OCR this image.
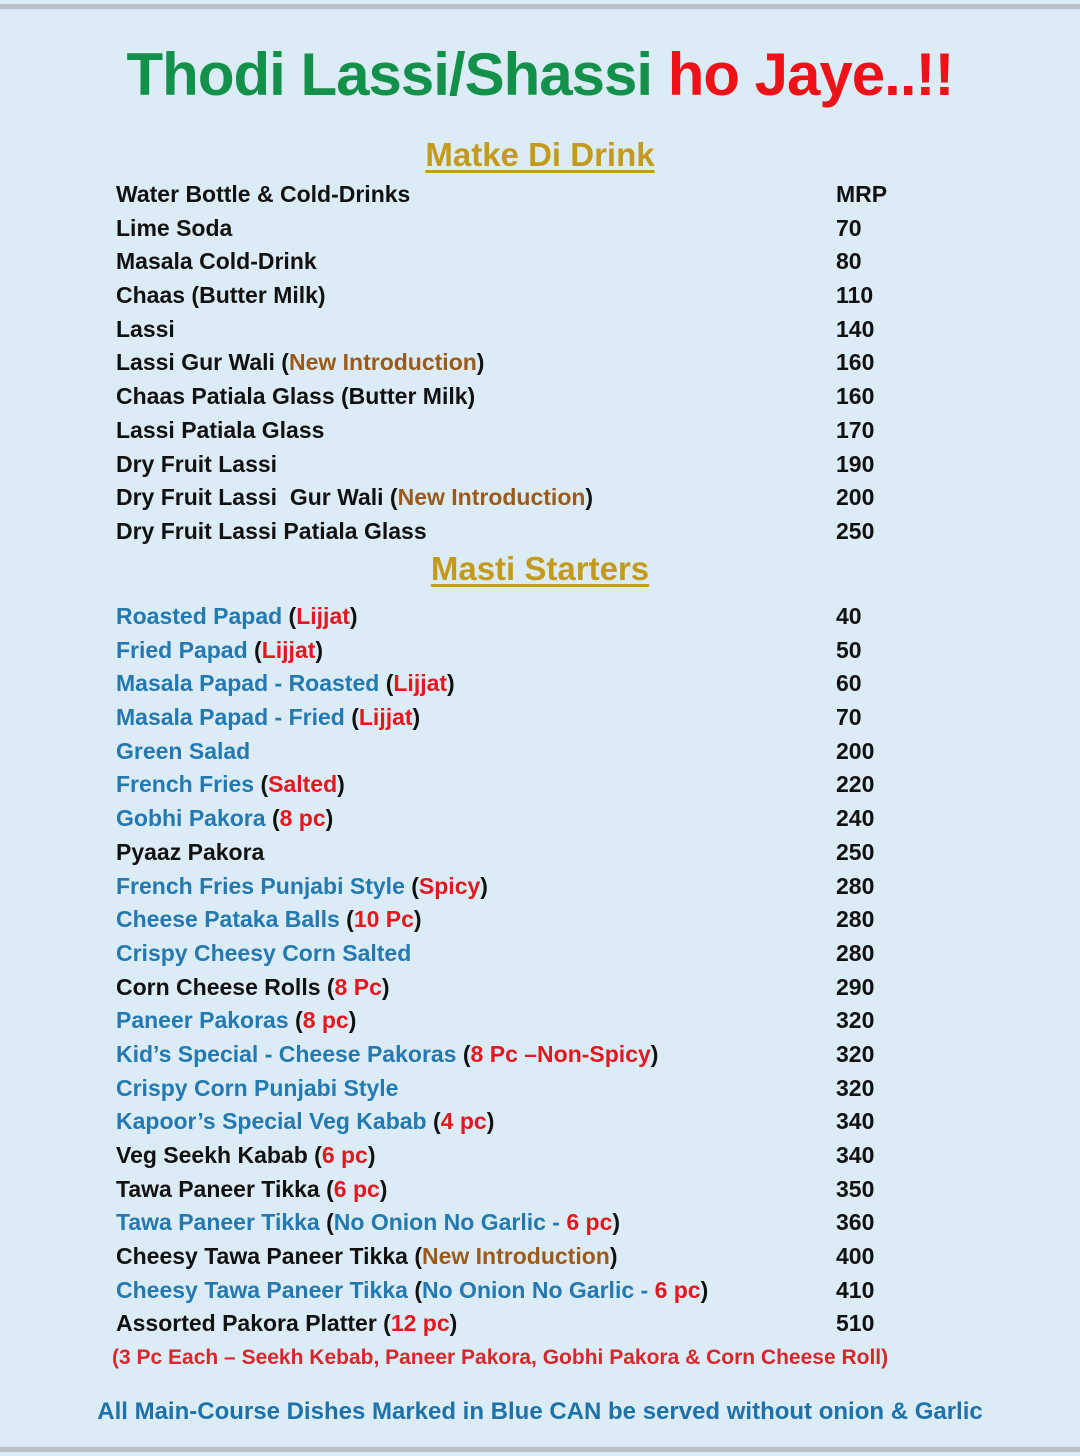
Thodi Lassi/Shassi ho Jaye..!!
Matke Di Drink
Water Bottle & Cold-Drinks	MRP
Lime Soda	70
Masala Cold-Drink	80
Chaas (Butter Milk)	110
Lassi	140
Lassi Gur Wali (New Introduction)	160
Chaas Patiala Glass (Butter Milk)	160
Lassi Patiala Glass	170
Dry Fruit Lassi	190
Dry Fruit Lassi  Gur Wali (New Introduction)	200
Dry Fruit Lassi Patiala Glass	250
Masti Starters
Roasted Papad (Lijjat)	40
Fried Papad (Lijjat)	50
Masala Papad - Roasted (Lijjat)	60
Masala Papad - Fried (Lijjat)	70
Green Salad	200
French Fries (Salted)	220
Gobhi Pakora (8 pc)	240
Pyaaz Pakora	250
French Fries Punjabi Style (Spicy)	280
Cheese Pataka Balls (10 Pc)	280
Crispy Cheesy Corn Salted	280
Corn Cheese Rolls (8 Pc)	290
Paneer Pakoras (8 pc)	320
Kid’s Special - Cheese Pakoras (8 Pc –Non-Spicy)	320
Crispy Corn Punjabi Style	320
Kapoor’s Special Veg Kabab (4 pc)	340
Veg Seekh Kabab (6 pc)	340
Tawa Paneer Tikka (6 pc)	350
Tawa Paneer Tikka (No Onion No Garlic - 6 pc)	360
Cheesy Tawa Paneer Tikka (New Introduction)	400
Cheesy Tawa Paneer Tikka (No Onion No Garlic - 6 pc)	410
Assorted Pakora Platter (12 pc)	510
(3 Pc Each – Seekh Kebab, Paneer Pakora, Gobhi Pakora & Corn Cheese Roll)
All Main-Course Dishes Marked in Blue CAN be served without onion & Garlic
